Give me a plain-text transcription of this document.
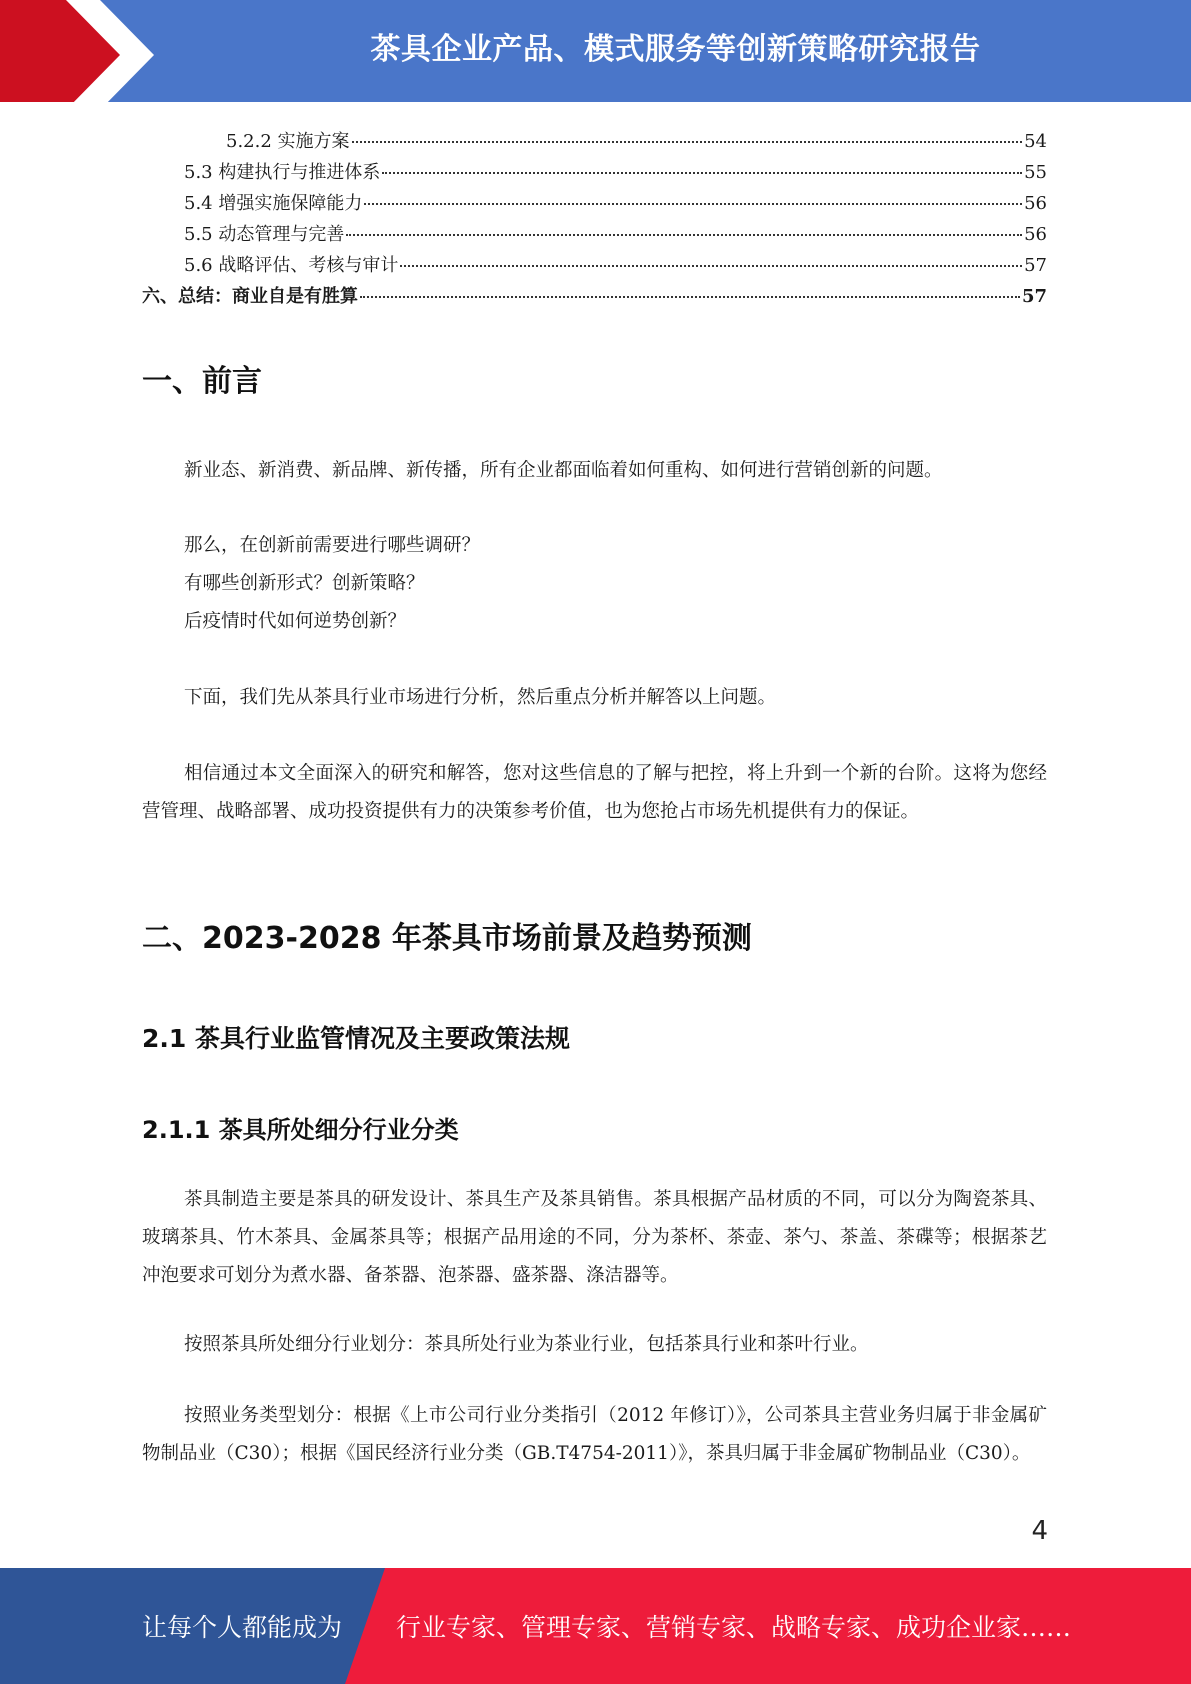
茶具企业产品、模式服务等创新策略研究报告
5.2.2 实施方案	54
5.3 构建执行与推进体系	55
5.4 增强实施保障能力	56
5.5 动态管理与完善	56
5.6 战略评估、考核与审计	57
六、总结：商业自是有胜算	57
一、前言

新业态、新消费、新品牌、新传播，所有企业都面临着如何重构、如何进行营销创新的问题。

那么，在创新前需要进行哪些调研？

有哪些创新形式？创新策略？

后疫情时代如何逆势创新？

下面，我们先从茶具行业市场进行分析，然后重点分析并解答以上问题。

相信通过本文全面深入的研究和解答，您对这些信息的了解与把控，将上升到一个新的台阶。这将为您经营管理、战略部署、成功投资提供有力的决策参考价值，也为您抢占市场先机提供有力的保证。

二、2023-2028 年茶具市场前景及趋势预测
2.1 茶具行业监管情况及主要政策法规
2.1.1 茶具所处细分行业分类

茶具制造主要是茶具的研发设计、茶具生产及茶具销售。茶具根据产品材质的不同，可以分为陶瓷茶具、玻璃茶具、竹木茶具、金属茶具等；根据产品用途的不同，分为茶杯、茶壶、茶勺、茶盖、茶碟等；根据茶艺冲泡要求可划分为煮水器、备茶器、泡茶器、盛茶器、涤洁器等。

按照茶具所处细分行业划分：茶具所处行业为茶业行业，包括茶具行业和茶叶行业。

按照业务类型划分：根据《上市公司行业分类指引（2012 年修订）》，公司茶具主营业务归属于非金属矿物制品业（C30）；根据《国民经济行业分类（GB.T4754-2011）》，茶具归属于非金属矿物制品业（C30）。

4
让每个人都能成为 行业专家、管理专家、营销专家、战略专家、成功企业家……
